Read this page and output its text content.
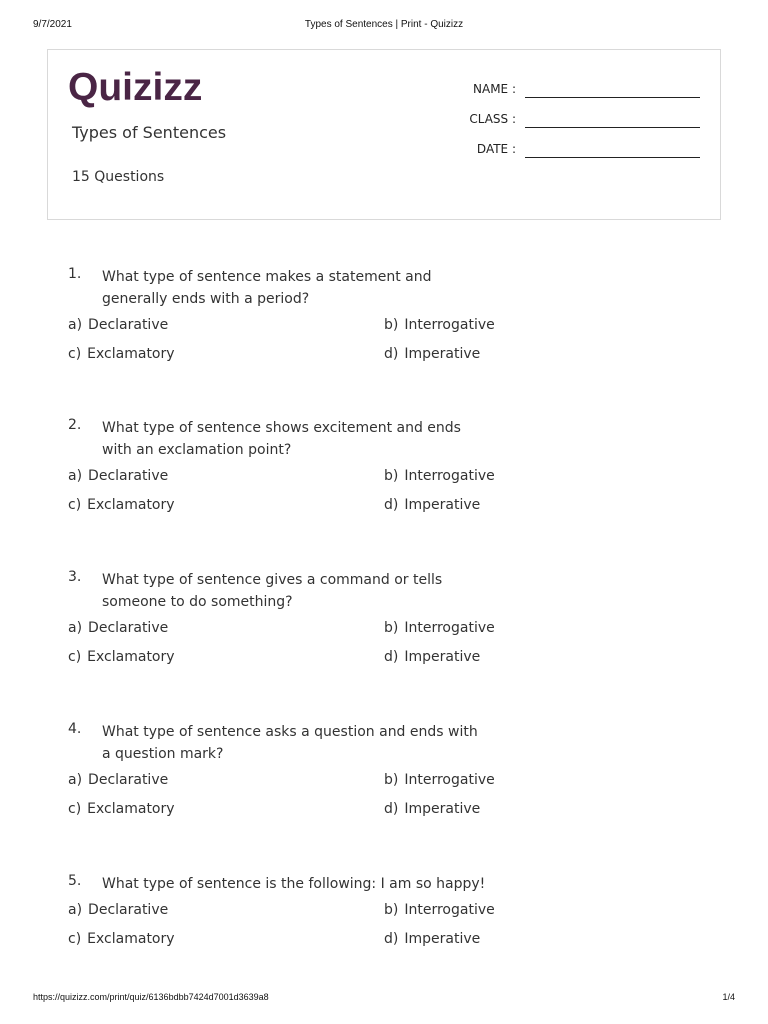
9/7/2021	Types of Sentences | Print - Quizizz
Quizizz
Types of Sentences
15 Questions
NAME :
CLASS :
DATE :
1. What type of sentence makes a statement and generally ends with a period?
a) Declarative	b) Interrogative
c) Exclamatory	d) Imperative
2. What type of sentence shows excitement and ends with an exclamation point?
a) Declarative	b) Interrogative
c) Exclamatory	d) Imperative
3. What type of sentence gives a command or tells someone to do something?
a) Declarative	b) Interrogative
c) Exclamatory	d) Imperative
4. What type of sentence asks a question and ends with a question mark?
a) Declarative	b) Interrogative
c) Exclamatory	d) Imperative
5. What type of sentence is the following: I am so happy!
a) Declarative	b) Interrogative
c) Exclamatory	d) Imperative
https://quizizz.com/print/quiz/6136bdbb7424d7001d3639a8	1/4
